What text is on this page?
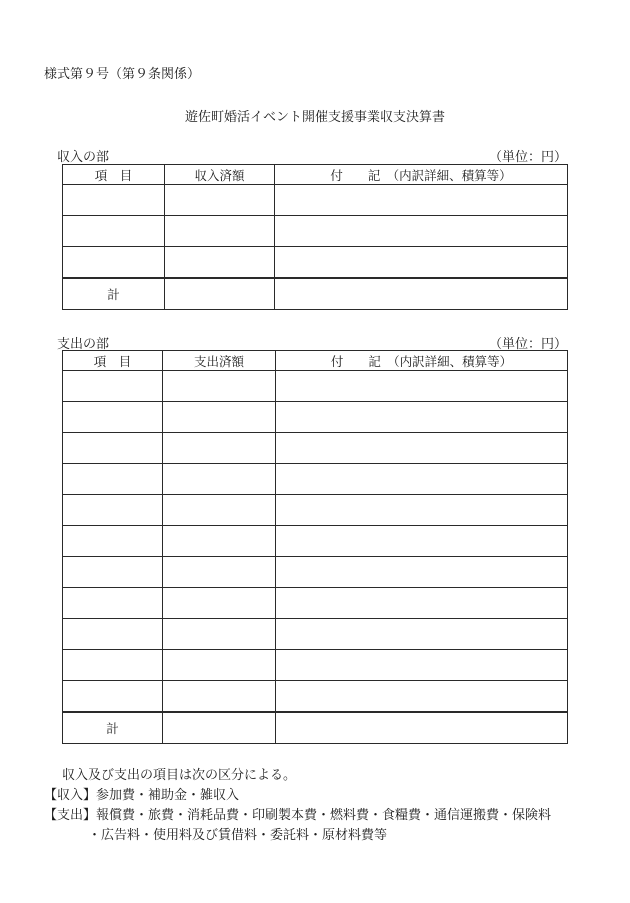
様式第９号（第９条関係）
遊佐町婚活イベント開催支援事業収支決算書
収入の部	（単位：円）
項　目	収入済額	付　　記　（内訳詳細、積算等）

計		
支出の部	（単位：円）
項　目	支出済額	付　　記　（内訳詳細、積算等）

計		
収入及び支出の項目は次の区分による。
【収入】参加費・補助金・雑収入
【支出】報償費・旅費・消耗品費・印刷製本費・燃料費・食糧費・通信運搬費・保険料
・広告料・使用料及び賃借料・委託料・原材料費等
